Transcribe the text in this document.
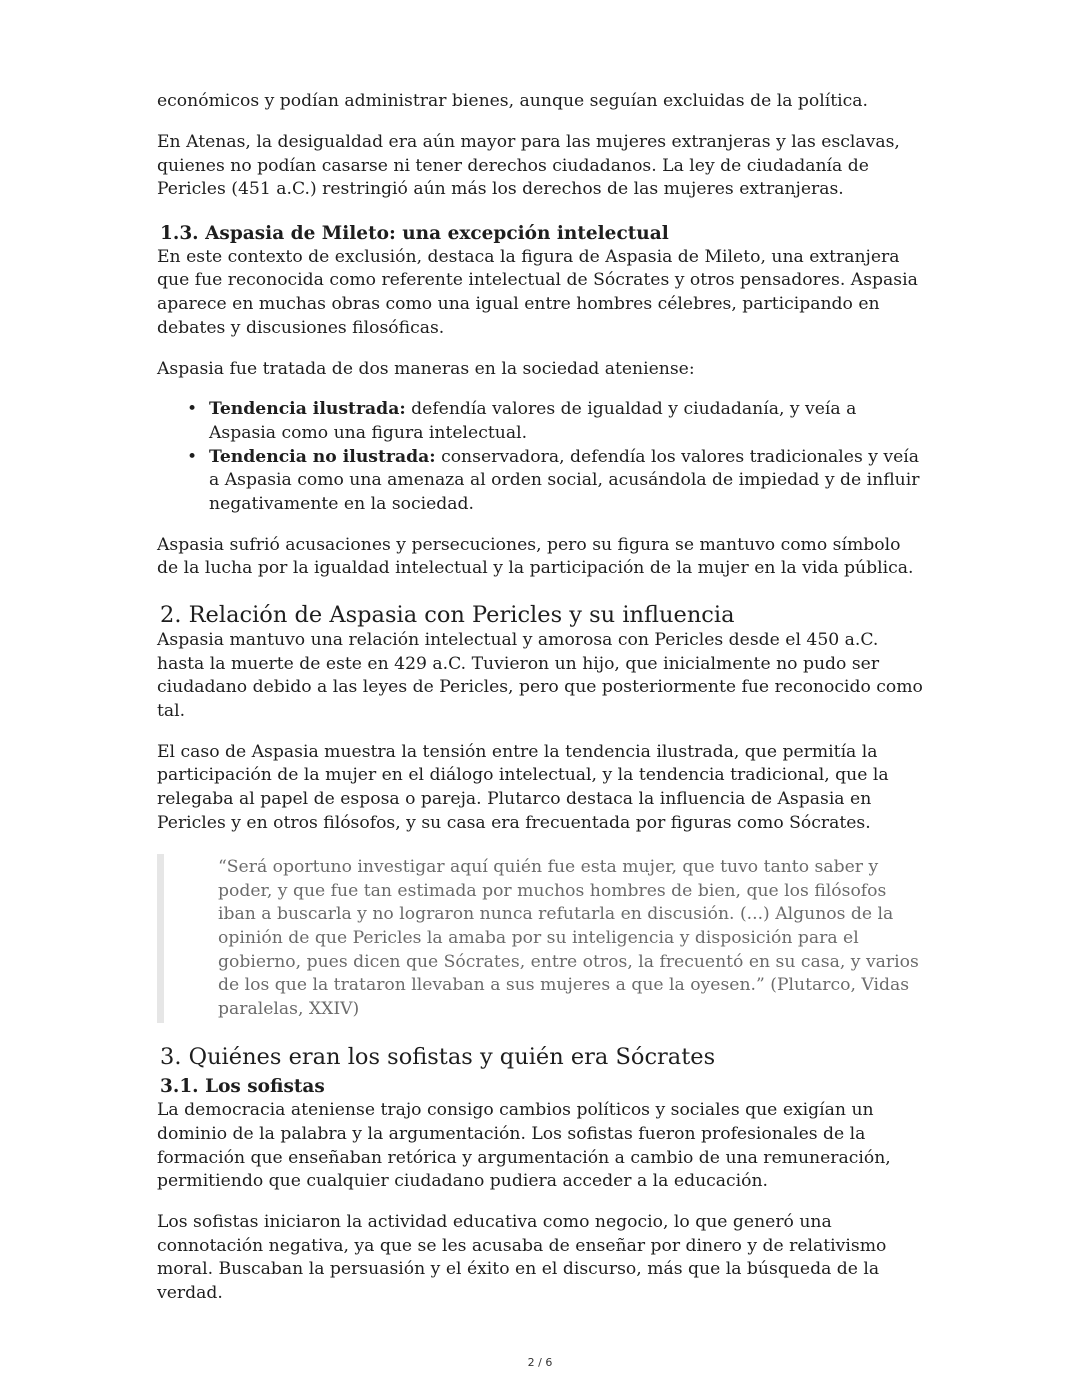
económicos y podían administrar bienes, aunque seguían excluidas de la política.

En Atenas, la desigualdad era aún mayor para las mujeres extranjeras y las esclavas, quienes no podían casarse ni tener derechos ciudadanos. La ley de ciudadanía de Pericles (451 a.C.) restringió aún más los derechos de las mujeres extranjeras.

1.3. Aspasia de Mileto: una excepción intelectual

En este contexto de exclusión, destaca la figura de Aspasia de Mileto, una extranjera que fue reconocida como referente intelectual de Sócrates y otros pensadores. Aspasia aparece en muchas obras como una igual entre hombres célebres, participando en debates y discusiones filosóficas.

Aspasia fue tratada de dos maneras en la sociedad ateniense:

• Tendencia ilustrada: defendía valores de igualdad y ciudadanía, y veía a Aspasia como una figura intelectual.
• Tendencia no ilustrada: conservadora, defendía los valores tradicionales y veía a Aspasia como una amenaza al orden social, acusándola de impiedad y de influir negativamente en la sociedad.

Aspasia sufrió acusaciones y persecuciones, pero su figura se mantuvo como símbolo de la lucha por la igualdad intelectual y la participación de la mujer en la vida pública.

2. Relación de Aspasia con Pericles y su influencia

Aspasia mantuvo una relación intelectual y amorosa con Pericles desde el 450 a.C. hasta la muerte de este en 429 a.C. Tuvieron un hijo, que inicialmente no pudo ser ciudadano debido a las leyes de Pericles, pero que posteriormente fue reconocido como tal.

El caso de Aspasia muestra la tensión entre la tendencia ilustrada, que permitía la participación de la mujer en el diálogo intelectual, y la tendencia tradicional, que la relegaba al papel de esposa o pareja. Plutarco destaca la influencia de Aspasia en Pericles y en otros filósofos, y su casa era frecuentada por figuras como Sócrates.

“Será oportuno investigar aquí quién fue esta mujer, que tuvo tanto saber y poder, y que fue tan estimada por muchos hombres de bien, que los filósofos iban a buscarla y no lograron nunca refutarla en discusión. (...) Algunos de la opinión de que Pericles la amaba por su inteligencia y disposición para el gobierno, pues dicen que Sócrates, entre otros, la frecuentó en su casa, y varios de los que la trataron llevaban a sus mujeres a que la oyesen.” (Plutarco, Vidas paralelas, XXIV)

3. Quiénes eran los sofistas y quién era Sócrates
3.1. Los sofistas

La democracia ateniense trajo consigo cambios políticos y sociales que exigían un dominio de la palabra y la argumentación. Los sofistas fueron profesionales de la formación que enseñaban retórica y argumentación a cambio de una remuneración, permitiendo que cualquier ciudadano pudiera acceder a la educación.

Los sofistas iniciaron la actividad educativa como negocio, lo que generó una connotación negativa, ya que se les acusaba de enseñar por dinero y de relativismo moral. Buscaban la persuasión y el éxito en el discurso, más que la búsqueda de la verdad.

2 / 6
